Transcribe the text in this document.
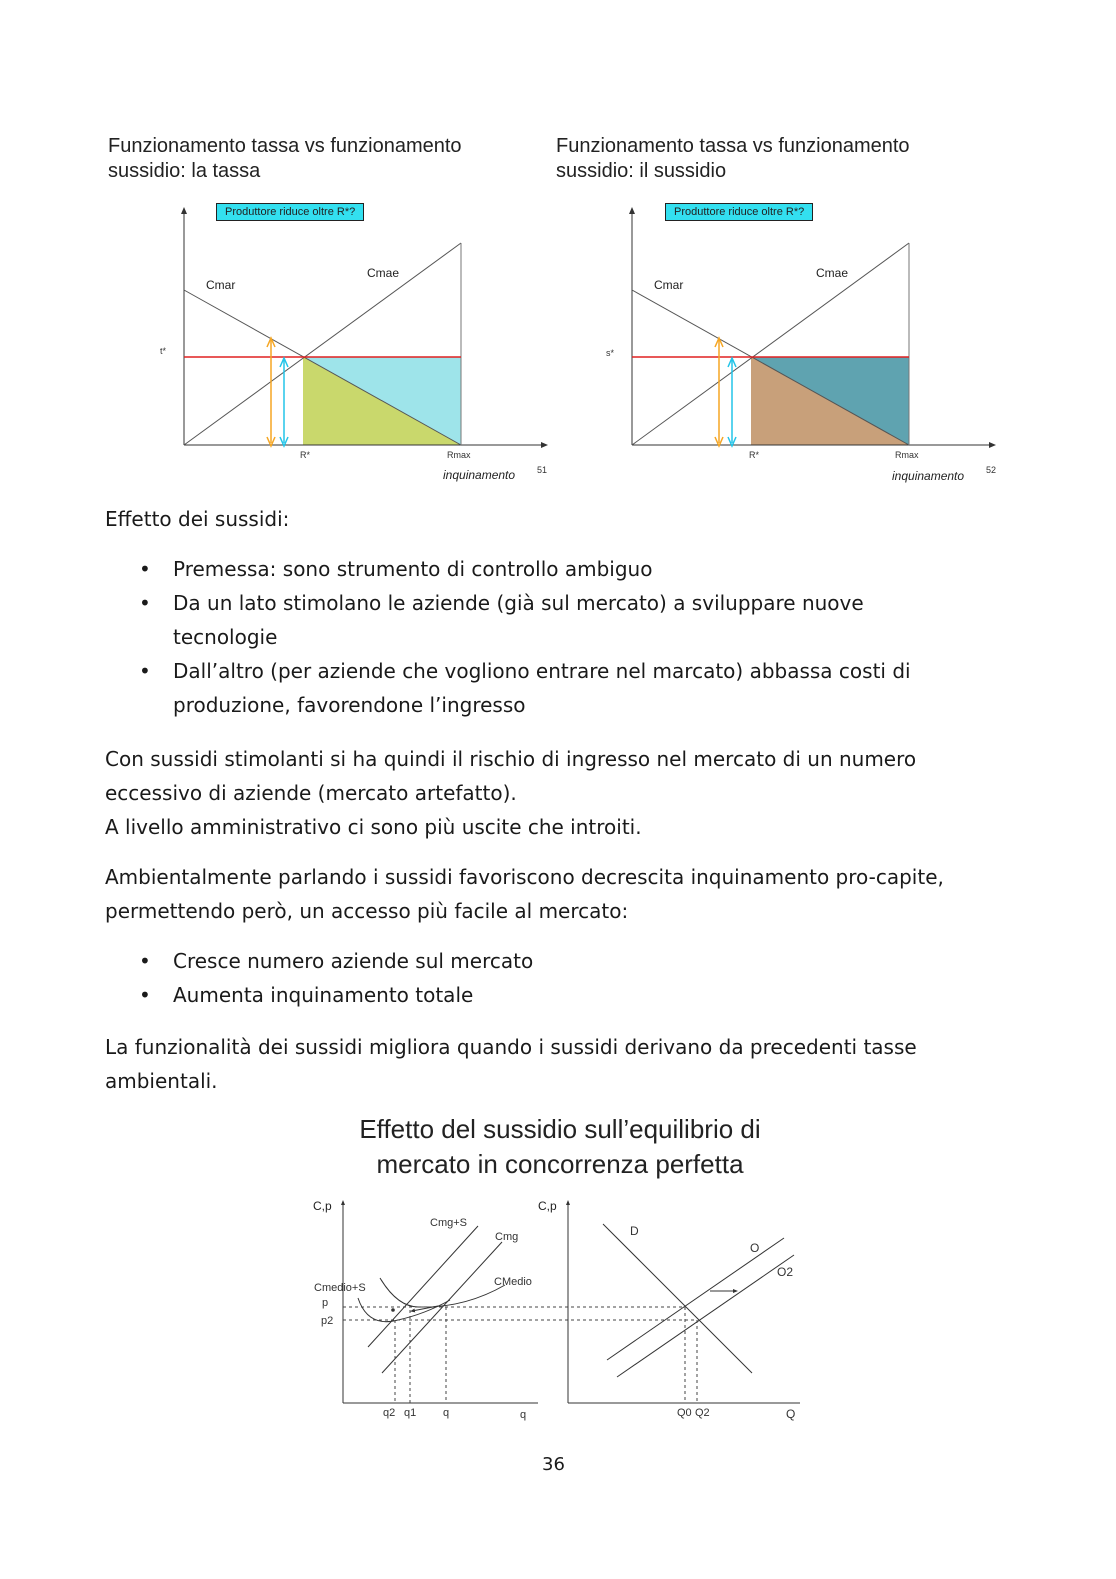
Funzionamento tassa vs funzionamento
sussidio: la tassa
Produttore riduce oltre R*?
Cmar
Cmae
t*
R*	Rmax
inquinamento 51
Funzionamento tassa vs funzionamento
sussidio: il sussidio
Produttore riduce oltre R*?
Cmar
Cmae
s*
R*	Rmax
inquinamento 52
Effetto dei sussidi:
• Premessa: sono strumento di controllo ambiguo
• Da un lato stimolano le aziende (già sul mercato) a sviluppare nuove tecnologie
• Dall’altro (per aziende che vogliono entrare nel marcato) abbassa costi di produzione, favorendone l’ingresso
Con sussidi stimolanti si ha quindi il rischio di ingresso nel mercato di un numero eccessivo di aziende (mercato artefatto).
A livello amministrativo ci sono più uscite che introiti.
Ambientalmente parlando i sussidi favoriscono decrescita inquinamento pro-capite, permettendo però, un accesso più facile al mercato:
• Cresce numero aziende sul mercato
• Aumenta inquinamento totale
La funzionalità dei sussidi migliora quando i sussidi derivano da precedenti tasse ambientali.
Effetto del sussidio sull’equilibrio di
mercato in concorrenza perfetta
C,p
Cmg+S
Cmg
CMedio
Cmedio+S
p
p2
q2 q1 q	q
C,p
D
O
O2
Q0 Q2	Q
36
